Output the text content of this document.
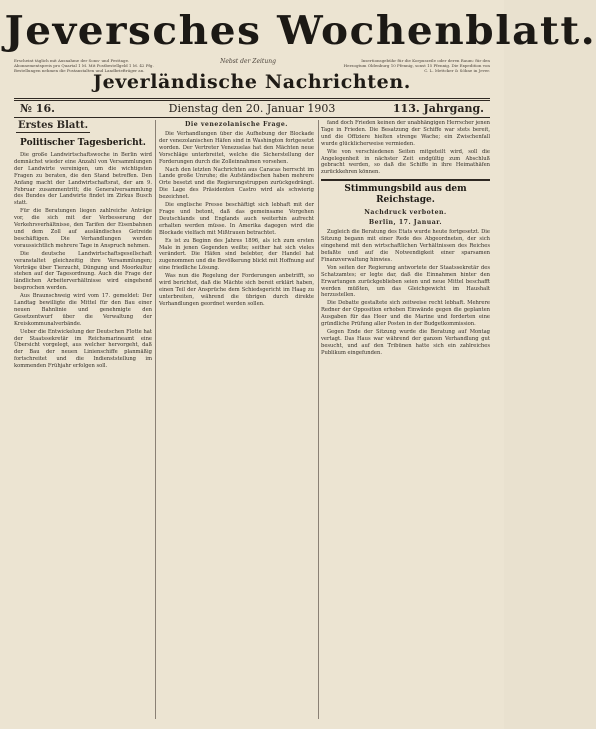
Jeversches Wochenblatt.
Erscheint täglich mit Ausnahme der Sonn- und Festtage. Abonnementspreis pro Quartal 1 M. Mit Postbestellgeld 1 M. 42 Pfg. Bestellungen nehmen die Postanstalten und Landbriefträger an.
Nebst der Zeitung	Insertionsgebühr für die Korpuszeile oder deren Raum: für den Herzogtum Oldenburg 10 Pfennig, sonst 15 Pfennig. Die Expedition von C. L. Mettcker & Söhne in Jever.
Jeverländische Nachrichten.
№ 16.	Dienstag den 20. Januar 1903	113. Jahrgang.
Erstes Blatt.
Politischer Tagesbericht.

Die große Landwirtschaftswoche in Berlin wird demnächst wieder eine Anzahl von Versammlungen der Landwirte vereinigen, um die wichtigsten Fragen zu beraten, die den Stand betreffen. Den Anfang macht der Landwirtschaftsrat, der am 9. Februar zusammentritt; die Generalversammlung des Bundes der Landwirte findet im Zirkus Busch statt.

Für die Beratungen liegen zahlreiche Anträge vor, die sich mit der Verbesserung der Verkehrsverhältnisse, den Tarifen der Eisenbahnen und dem Zoll auf ausländisches Getreide beschäftigen. Die Verhandlungen werden voraussichtlich mehrere Tage in Anspruch nehmen.

Die deutsche Landwirtschaftsgesellschaft veranstaltet gleichzeitig ihre Versammlungen; Vorträge über Tierzucht, Düngung und Moorkultur stehen auf der Tagesordnung. Auch die Frage der ländlichen Arbeiterverhältnisse wird eingehend besprochen werden.

Aus Braunschweig wird vom 17. gemeldet: Der Landtag bewilligte die Mittel für den Bau einer neuen Bahnlinie und genehmigte den Gesetzentwurf über die Verwaltung der Kreiskommunalverbände.

Ueber die Entwickelung der Deutschen Flotte hat der Staatssekretär im Reichsmarineamt eine Übersicht vorgelegt, aus welcher hervorgeht, daß der Bau der neuen Linienschiffe planmäßig fortschreitet und die Indienststellung im kommenden Frühjahr erfolgen soll.

Die venezolanische Frage.

Die Verhandlungen über die Aufhebung der Blockade der venezolanischen Häfen sind in Washington fortgesetzt worden. Der Vertreter Venezuelas hat den Mächten neue Vorschläge unterbreitet, welche die Sicherstellung der Forderungen durch die Zolleinnahmen vorsehen.

Nach den letzten Nachrichten aus Caracas herrscht im Lande große Unruhe; die Aufständischen haben mehrere Orte besetzt und die Regierungstruppen zurückgedrängt. Die Lage des Präsidenten Castro wird als schwierig bezeichnet.

Die englische Presse beschäftigt sich lebhaft mit der Frage und betont, daß das gemeinsame Vorgehen Deutschlands und Englands auch weiterhin aufrecht erhalten werden müsse. In Amerika dagegen wird die Blockade vielfach mit Mißtrauen betrachtet.

Es ist zu Beginn des Jahres 1896, als ich zum ersten Male in jenen Gegenden weilte; seither hat sich vieles verändert. Die Häfen sind belebter, der Handel hat zugenommen und die Bevölkerung blickt mit Hoffnung auf eine friedliche Lösung.

Was nun die Regelung der Forderungen anbetrifft, so wird berichtet, daß die Mächte sich bereit erklärt haben, einen Teil der Ansprüche dem Schiedsgericht im Haag zu unterbreiten, während die übrigen durch direkte Verhandlungen geordnet werden sollen.

fand doch Frieden keinen der unabhängigen Herrscher jenen Tage in Frieden. Die Besatzung der Schiffe war stets bereit, und die Offiziere hielten strenge Wache; ein Zwischenfall wurde glücklicherweise vermieden.

Wie von verschiedenen Seiten mitgeteilt wird, soll die Angelegenheit in nächster Zeit endgültig zum Abschluß gebracht werden, so daß die Schiffe in ihre Heimathäfen zurückkehren können.

Stimmungsbild aus dem Reichstage.
Nachdruck verboten.
Berlin, 17. Januar.

Zugleich die Beratung des Etats wurde heute fortgesetzt. Die Sitzung begann mit einer Rede des Abgeordneten, der sich eingehend mit den wirtschaftlichen Verhältnissen des Reiches befaßte und auf die Notwendigkeit einer sparsamen Finanzverwaltung hinwies.

Von seiten der Regierung antwortete der Staatssekretär des Schatzamtes; er legte dar, daß die Einnahmen hinter den Erwartungen zurückgeblieben seien und neue Mittel beschafft werden müßten, um das Gleichgewicht im Haushalt herzustellen.

Die Debatte gestaltete sich zeitweise recht lebhaft. Mehrere Redner der Opposition erhoben Einwände gegen die geplanten Ausgaben für das Heer und die Marine und forderten eine gründliche Prüfung aller Posten in der Budgetkommission.

Gegen Ende der Sitzung wurde die Beratung auf Montag vertagt. Das Haus war während der ganzen Verhandlung gut besucht, und auf den Tribünen hatte sich ein zahlreiches Publikum eingefunden.
